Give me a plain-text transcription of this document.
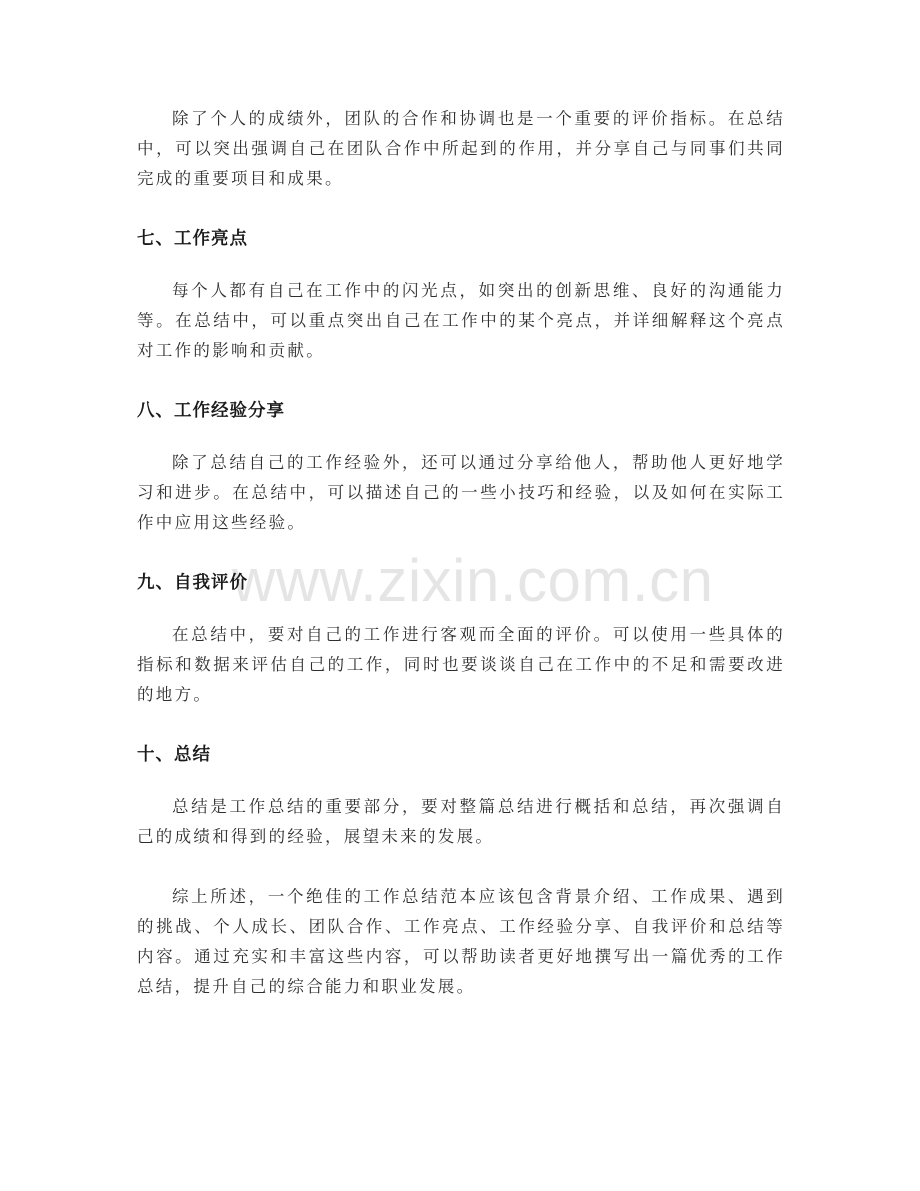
除了个人的成绩外，团队的合作和协调也是一个重要的评价指标。在总结中，可以突出强调自己在团队合作中所起到的作用，并分享自己与同事们共同完成的重要项目和成果。

七、工作亮点

每个人都有自己在工作中的闪光点，如突出的创新思维、良好的沟通能力等。在总结中，可以重点突出自己在工作中的某个亮点，并详细解释这个亮点对工作的影响和贡献。

八、工作经验分享

除了总结自己的工作经验外，还可以通过分享给他人，帮助他人更好地学习和进步。在总结中，可以描述自己的一些小技巧和经验，以及如何在实际工作中应用这些经验。

九、自我评价

在总结中，要对自己的工作进行客观而全面的评价。可以使用一些具体的指标和数据来评估自己的工作，同时也要谈谈自己在工作中的不足和需要改进的地方。

十、总结

总结是工作总结的重要部分，要对整篇总结进行概括和总结，再次强调自己的成绩和得到的经验，展望未来的发展。

综上所述，一个绝佳的工作总结范本应该包含背景介绍、工作成果、遇到的挑战、个人成长、团队合作、工作亮点、工作经验分享、自我评价和总结等内容。通过充实和丰富这些内容，可以帮助读者更好地撰写出一篇优秀的工作总结，提升自己的综合能力和职业发展。

www.zixin.com.cn
